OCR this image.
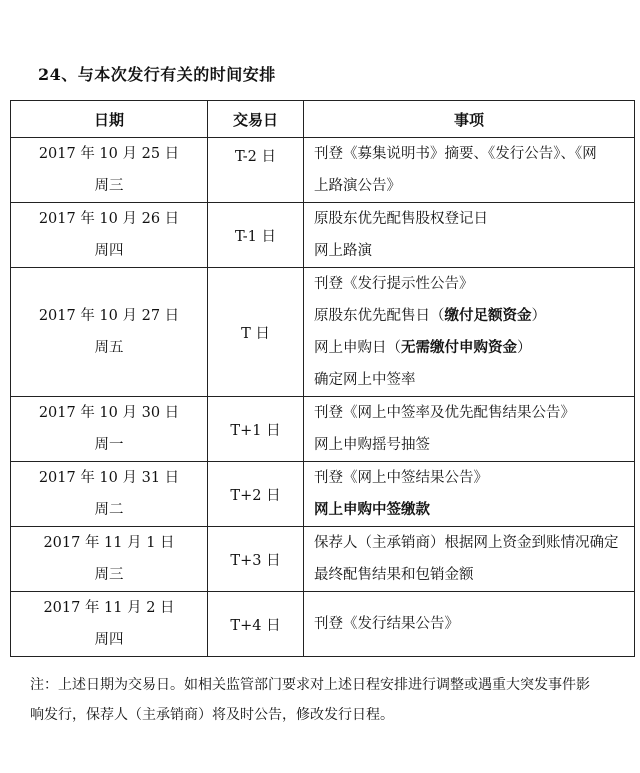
24、与本次发行有关的时间安排
日期	交易日	事项

2017 年 10 月 25 日
周三	T-2 日	刊登《募集说明书》摘要、《发行公告》、《网
上路演公告》

2017 年 10 月 26 日
周四	T-1 日	原股东优先配售股权登记日
网上路演

2017 年 10 月 27 日
周五	T 日	刊登《发行提示性公告》
原股东优先配售日（缴付足额资金）
网上申购日（无需缴付申购资金）
确定网上中签率

2017 年 10 月 30 日
周一	T+1 日	刊登《网上中签率及优先配售结果公告》
网上申购摇号抽签

2017 年 10 月 31 日
周二	T+2 日	刊登《网上中签结果公告》
网上申购中签缴款

2017 年 11 月 1 日
周三	T+3 日	保荐人（主承销商）根据网上资金到账情况确定
最终配售结果和包销金额

2017 年 11 月 2 日
周四	T+4 日	刊登《发行结果公告》
注：上述日期为交易日。如相关监管部门要求对上述日程安排进行调整或遇重大突发事件影
响发行，保荐人（主承销商）将及时公告，修改发行日程。
